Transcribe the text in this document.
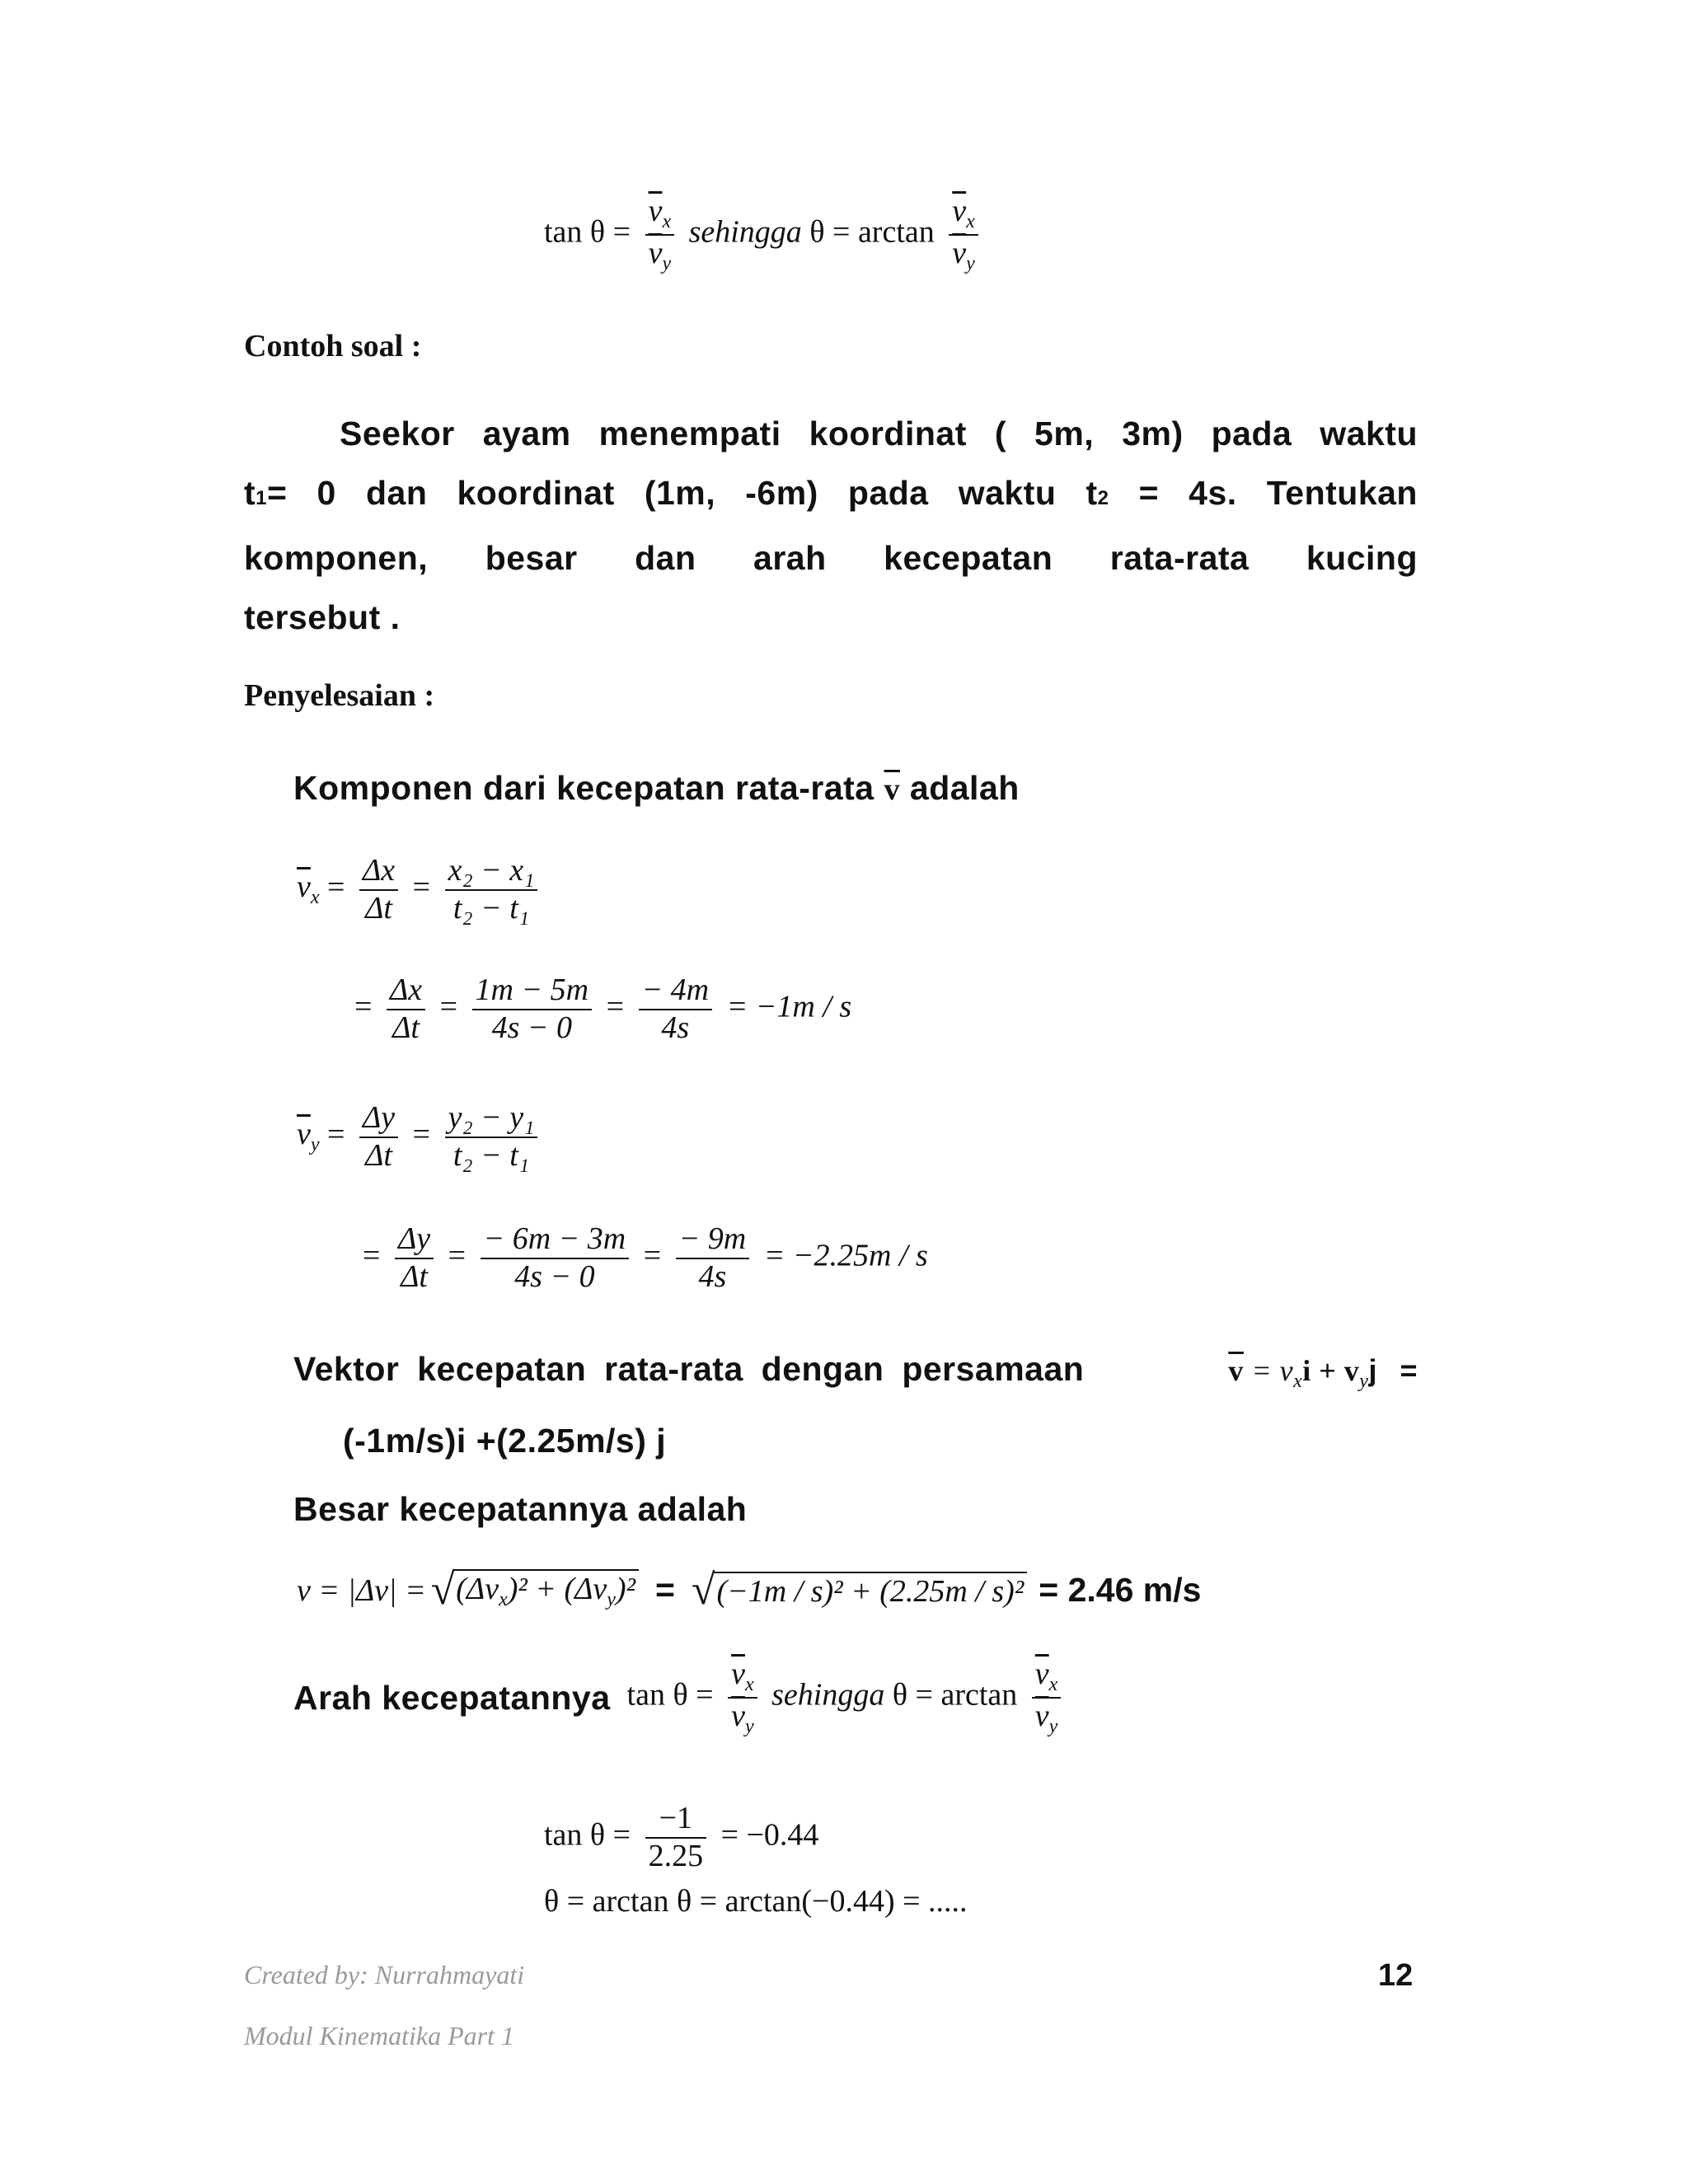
$\tan \theta = \frac{\overline{v}_x}{\overline{v}_y}$ sehingga $\theta = \arctan \frac{\overline{v}_x}{\overline{v}_y}$
Contoh soal :
Seekor ayam menempati koordinat ( 5m, 3m) pada waktu
t1= 0 dan koordinat (1m, -6m) pada waktu t2 = 4s. Tentukan
komponen, besar dan arah kecepatan rata-rata kucing
tersebut .
Penyelesaian :
Komponen dari kecepatan rata-rata $\overline{v}$ adalah
$\overline{v}_x = \frac{\Delta x}{\Delta t} = \frac{\text{x₂ − x₁}}{\text{t₂ − t₁}}$
= $\frac{\Delta x}{\Delta t} = \frac{1m - 5m}{4s - 0} = \frac{- 4m}{4s} = -1m / s$
$\overline{v}_y = \frac{\Delta y}{\Delta t} = \frac{\text{y₂ − y₁}}{\text{t₂ − t₁}}$
= $\frac{\Delta y}{\Delta t} = \frac{- 6m - 3m}{4s - 0} = \frac{- 9m}{4s} = -2.25m / s$
Vektor kecepatan rata-rata dengan persamaan	$\overline{v} = v_xi + v_yj$ =
(-1m/s)i +(2.25m/s) j
Besar kecepatannya adalah
v = |Δv| = √ $(\Delta v_x)^2 + (\Delta v_y)^2$ = √ (−1m / s)² + (2.25m / s)² = 2.46 m/s
Arah kecepatannya $\tan \theta = \frac{\overline{v}_x}{\overline{v}_y}$ sehingga $\theta = \arctan \frac{\overline{v}_x}{\overline{v}_y}$
$\tan \theta = \frac{-1}{2.25} = -0.44$
θ = arctan θ = arctan(−0.44) = .....
Created by: Nurrahmayati	12
Modul Kinematika Part 1
